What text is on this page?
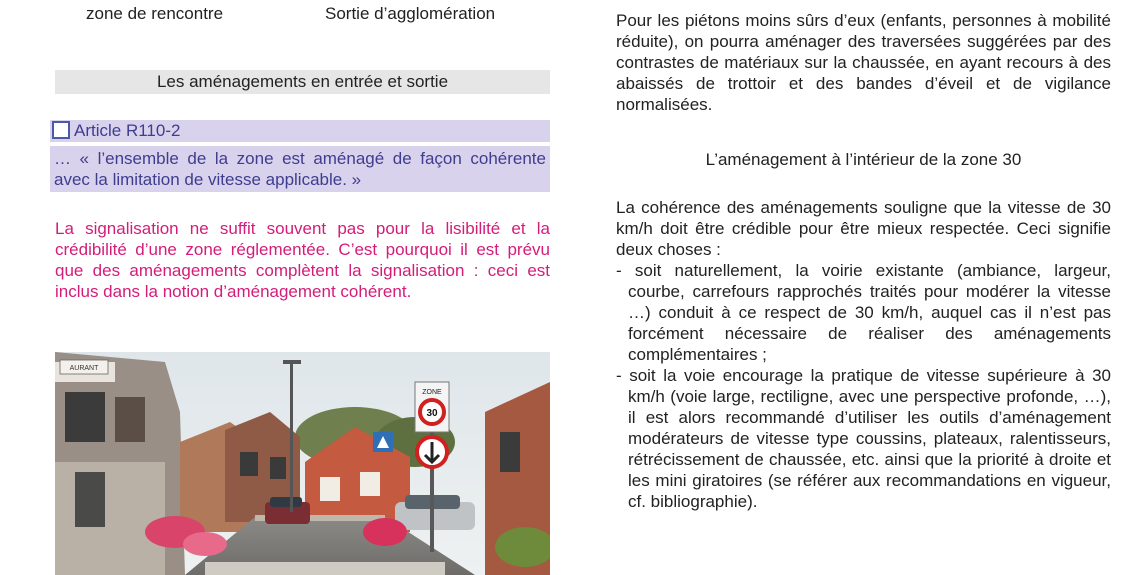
zone de rencontre	Sortie d’agglomération
Les aménagements en entrée et sortie
Article R110-2

… « l’ensemble de la zone est aménagé de façon cohérente avec la limitation de vitesse applicable. »

La signalisation ne suffit souvent pas pour la lisibilité et la crédibilité d’une zone réglementée. C’est pourquoi il est prévu que des aménagements complètent la signalisation : ceci est inclus dans la notion d’aménagement cohérent.
ZONE
30
AURANT

Pour les piétons moins sûrs d’eux (enfants, personnes à mobilité réduite), on pourra aménager des traversées suggérées par des contrastes de matériaux sur la chaussée, en ayant recours à des abaissés de trottoir et des bandes d’éveil et de vigilance normalisées.

L’aménagement à l’intérieur de la zone 30

La cohérence des aménagements souligne que la vitesse de 30 km/h doit être crédible pour être mieux respectée. Ceci signifie deux choses :

- soit naturellement, la voirie existante (ambiance, largeur, courbe, carrefours rapprochés traités pour modérer la vitesse …) conduit à ce respect de 30 km/h, auquel cas il n’est pas forcément nécessaire de réaliser des aménagements complémentaires ;

- soit la voie encourage la pratique de vitesse supérieure à 30 km/h (voie large, rectiligne, avec une perspective profonde, …), il est alors recommandé d’utiliser les outils d’aménagement modérateurs de vitesse type coussins, plateaux, ralentisseurs, rétrécissement de chaussée, etc. ainsi que la priorité à droite et les mini giratoires (se référer aux recommandations en vigueur, cf. bibliographie).
